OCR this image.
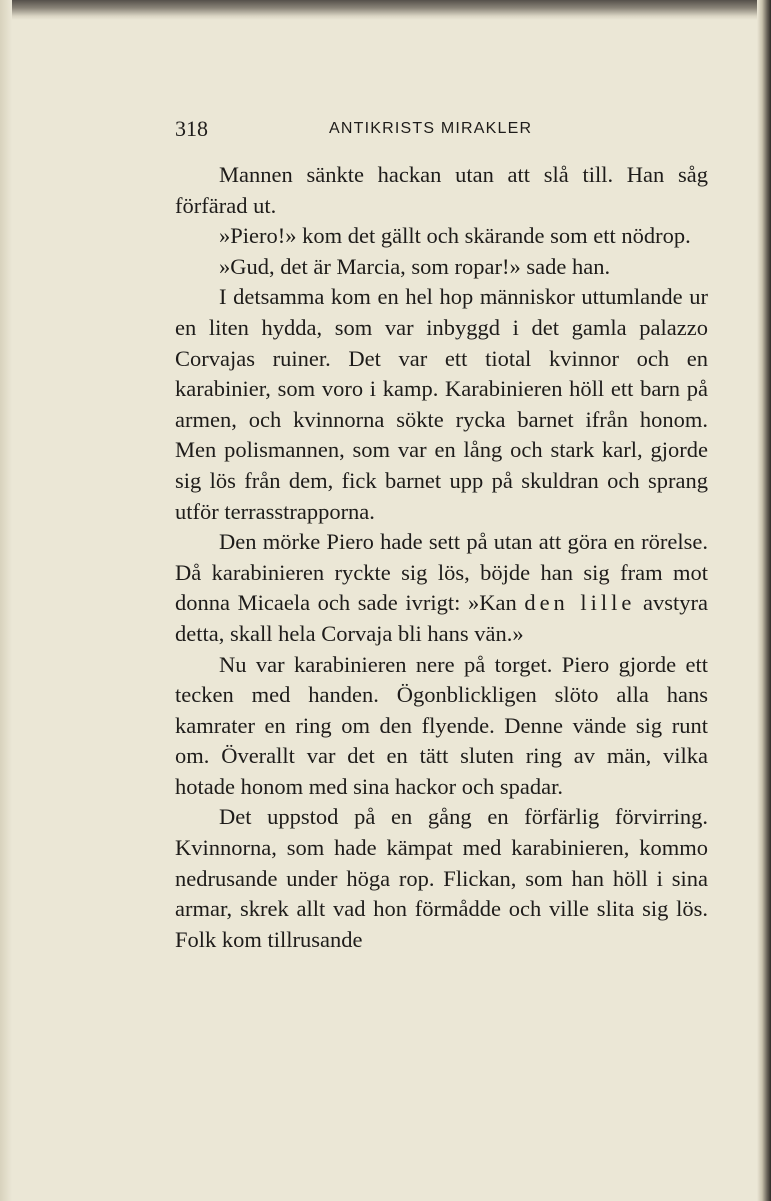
318	ANTIKRISTS MIRAKLER

Mannen sänkte hackan utan att slå till. Han såg förfärad ut.

»Piero!» kom det gällt och skärande som ett nödrop.

»Gud, det är Marcia, som ropar!» sade han.

I detsamma kom en hel hop människor uttumlande ur en liten hydda, som var inbyggd i det gamla palazzo Corvajas ruiner. Det var ett tiotal kvinnor och en karabinier, som voro i kamp. Karabinieren höll ett barn på armen, och kvinnorna sökte rycka barnet ifrån honom. Men polismannen, som var en lång och stark karl, gjorde sig lös från dem, fick barnet upp på skuldran och sprang utför terrasstrapporna.

Den mörke Piero hade sett på utan att göra en rörelse. Då karabinieren ryckte sig lös, böjde han sig fram mot donna Micaela och sade ivrigt: »Kan den lille avstyra detta, skall hela Corvaja bli hans vän.»

Nu var karabinieren nere på torget. Piero gjorde ett tecken med handen. Ögonblickligen slöto alla hans kamrater en ring om den flyende. Denne vände sig runt om. Överallt var det en tätt sluten ring av män, vilka hotade honom med sina hackor och spadar.

Det uppstod på en gång en förfärlig förvirring. Kvinnorna, som hade kämpat med karabinieren, kommo nedrusande under höga rop. Flickan, som han höll i sina armar, skrek allt vad hon förmådde och ville slita sig lös. Folk kom tillrusande
